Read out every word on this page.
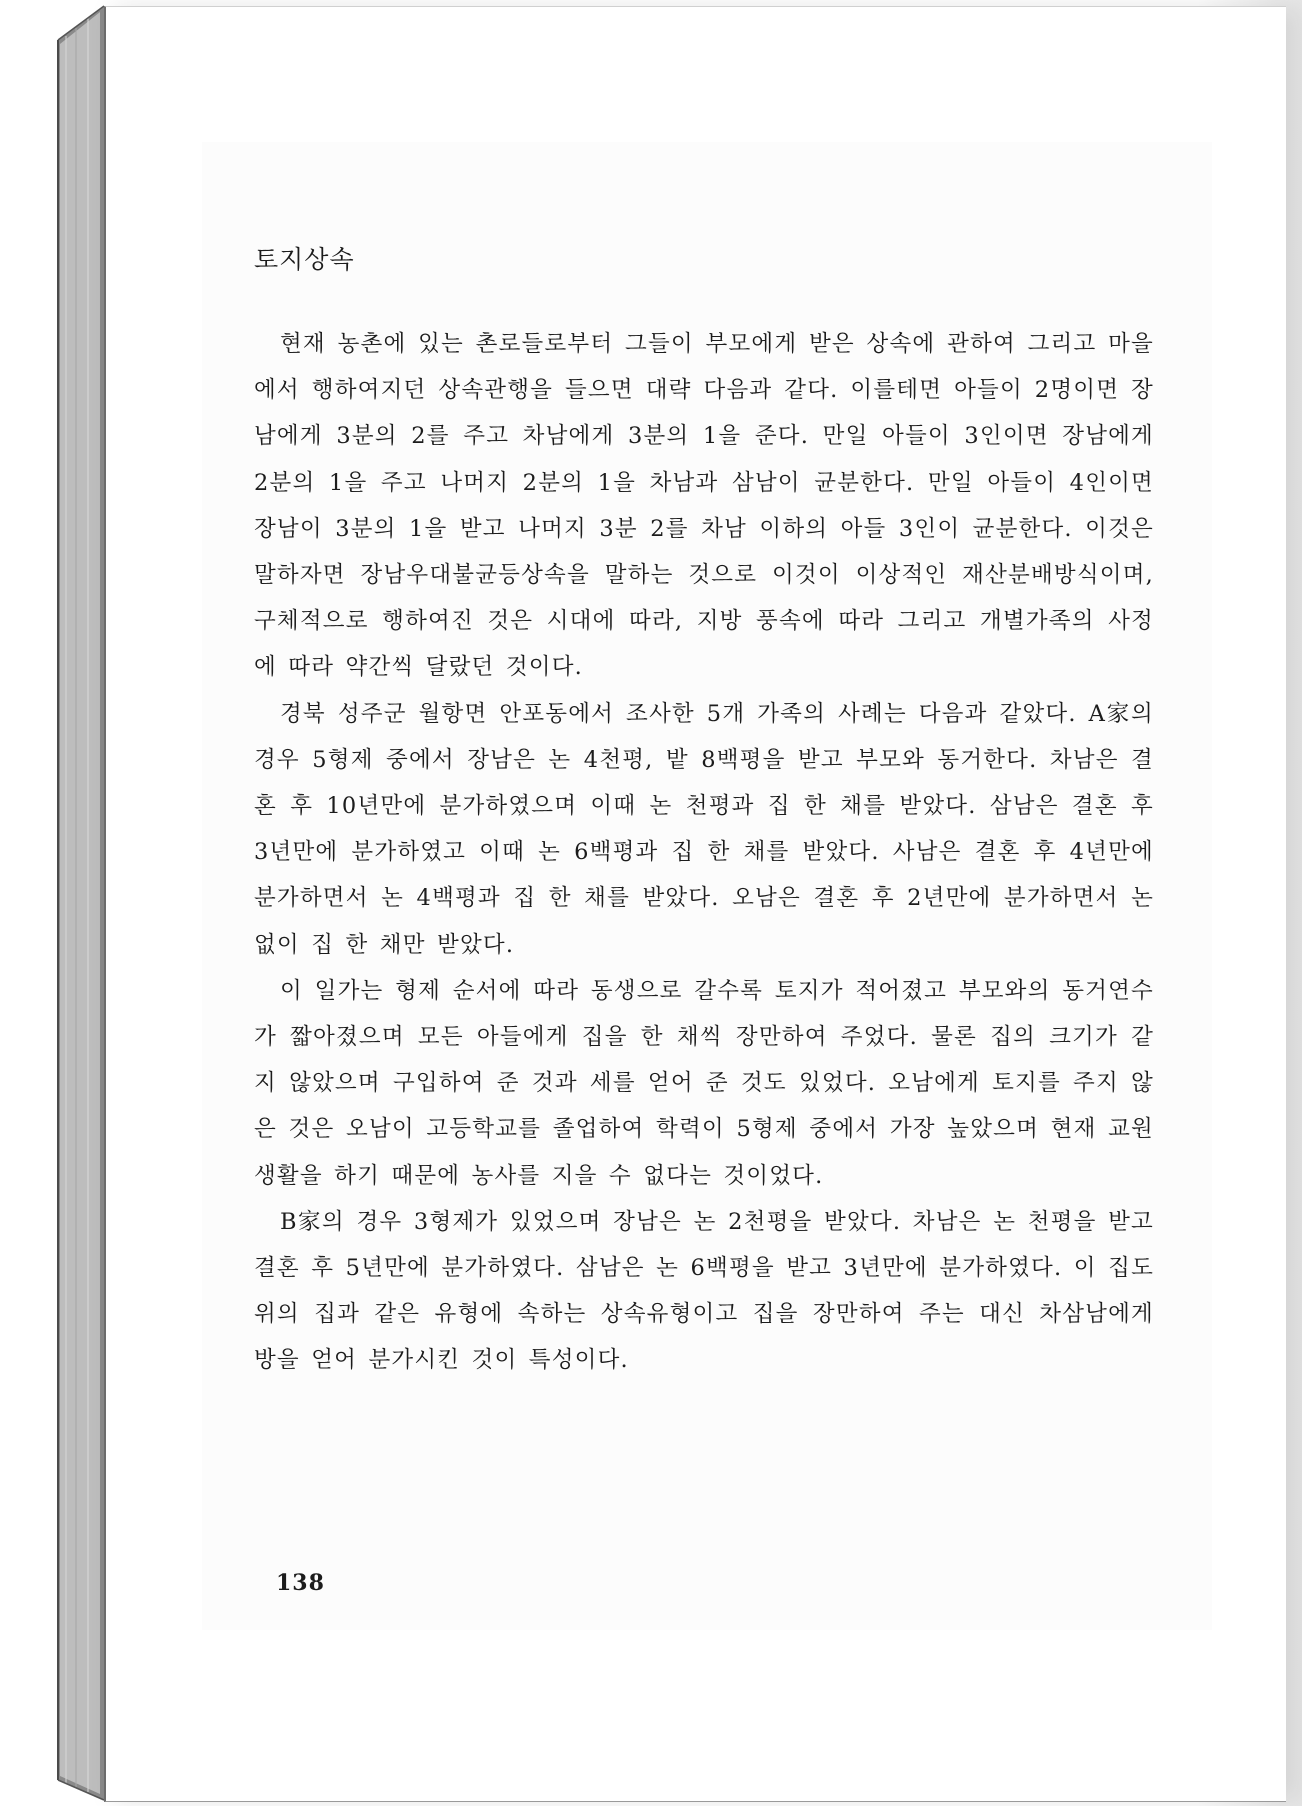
토지상속

현재 농촌에 있는 촌로들로부터 그들이 부모에게 받은 상속에 관하여 그리고 마을에서 행하여지던 상속관행을 들으면 대략 다음과 같다. 이를테면 아들이 2명이면 장남에게 3분의 2를 주고 차남에게 3분의 1을 준다. 만일 아들이 3인이면 장남에게 2분의 1을 주고 나머지 2분의 1을 차남과 삼남이 균분한다. 만일 아들이 4인이면 장남이 3분의 1을 받고 나머지 3분 2를 차남 이하의 아들 3인이 균분한다. 이것은 말하자면 장남우대불균등상속을 말하는 것으로 이것이 이상적인 재산분배방식이며, 구체적으로 행하여진 것은 시대에 따라, 지방 풍속에 따라 그리고 개별가족의 사정에 따라 약간씩 달랐던 것이다.

경북 성주군 월항면 안포동에서 조사한 5개 가족의 사례는 다음과 같았다. A家의 경우 5형제 중에서 장남은 논 4천평, 밭 8백평을 받고 부모와 동거한다. 차남은 결혼 후 10년만에 분가하였으며 이때 논 천평과 집 한 채를 받았다. 삼남은 결혼 후 3년만에 분가하였고 이때 논 6백평과 집 한 채를 받았다. 사남은 결혼 후 4년만에 분가하면서 논 4백평과 집 한 채를 받았다. 오남은 결혼 후 2년만에 분가하면서 논 없이 집 한 채만 받았다.

이 일가는 형제 순서에 따라 동생으로 갈수록 토지가 적어졌고 부모와의 동거연수가 짧아졌으며 모든 아들에게 집을 한 채씩 장만하여 주었다. 물론 집의 크기가 같지 않았으며 구입하여 준 것과 세를 얻어 준 것도 있었다. 오남에게 토지를 주지 않은 것은 오남이 고등학교를 졸업하여 학력이 5형제 중에서 가장 높았으며 현재 교원생활을 하기 때문에 농사를 지을 수 없다는 것이었다.

B家의 경우 3형제가 있었으며 장남은 논 2천평을 받았다. 차남은 논 천평을 받고 결혼 후 5년만에 분가하였다. 삼남은 논 6백평을 받고 3년만에 분가하였다. 이 집도 위의 집과 같은 유형에 속하는 상속유형이고 집을 장만하여 주는 대신 차삼남에게 방을 얻어 분가시킨 것이 특성이다.

138
